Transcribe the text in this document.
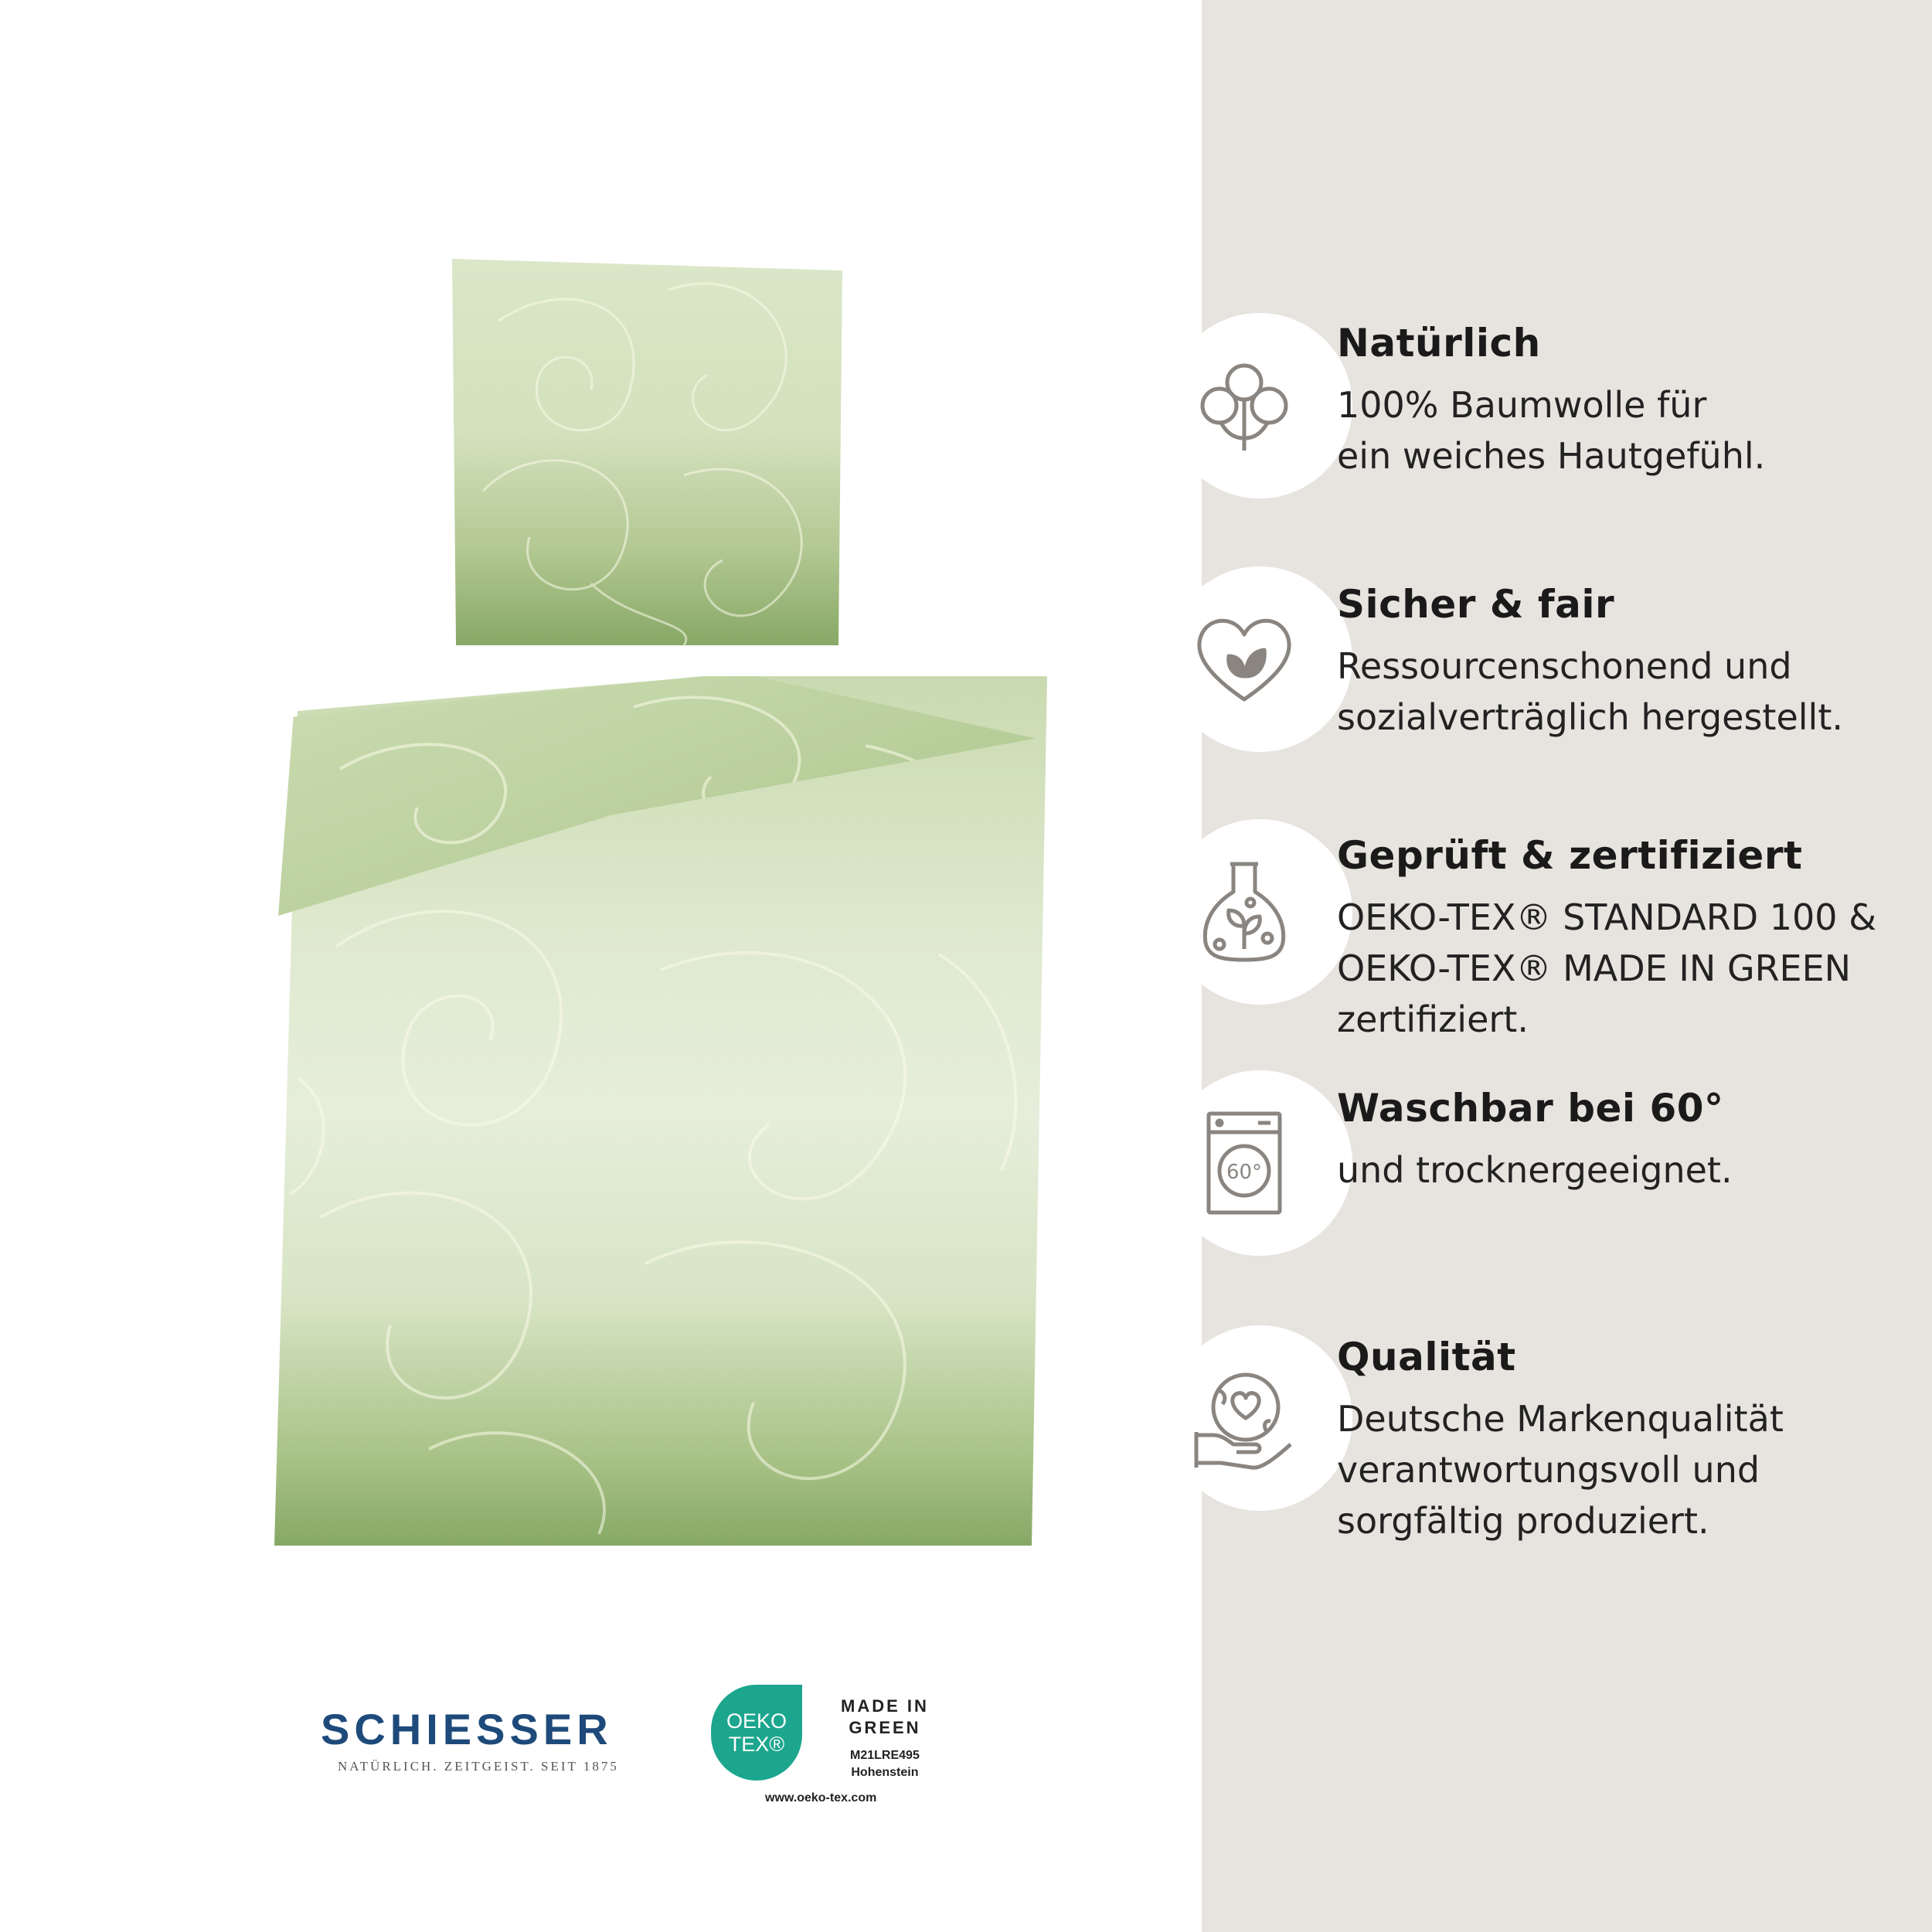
SCHIESSER
NATÜRLICH. ZEITGEIST. SEIT 1875
OEKO
TEX®
MADE IN
GREEN
M21LRE495
Hohenstein
www.oeko-tex.com
Natürlich
100% Baumwolle für
ein weiches Hautgefühl.
Sicher & fair
Ressourcenschonend und
sozialverträglich hergestellt.
Geprüft & zertifiziert
OEKO-TEX® STANDARD 100 &
OEKO-TEX® MADE IN GREEN
zertifiziert.
60°
Waschbar bei 60°
und trocknergeeignet.
Qualität
Deutsche Markenqualität
verantwortungsvoll und
sorgfältig produziert.
